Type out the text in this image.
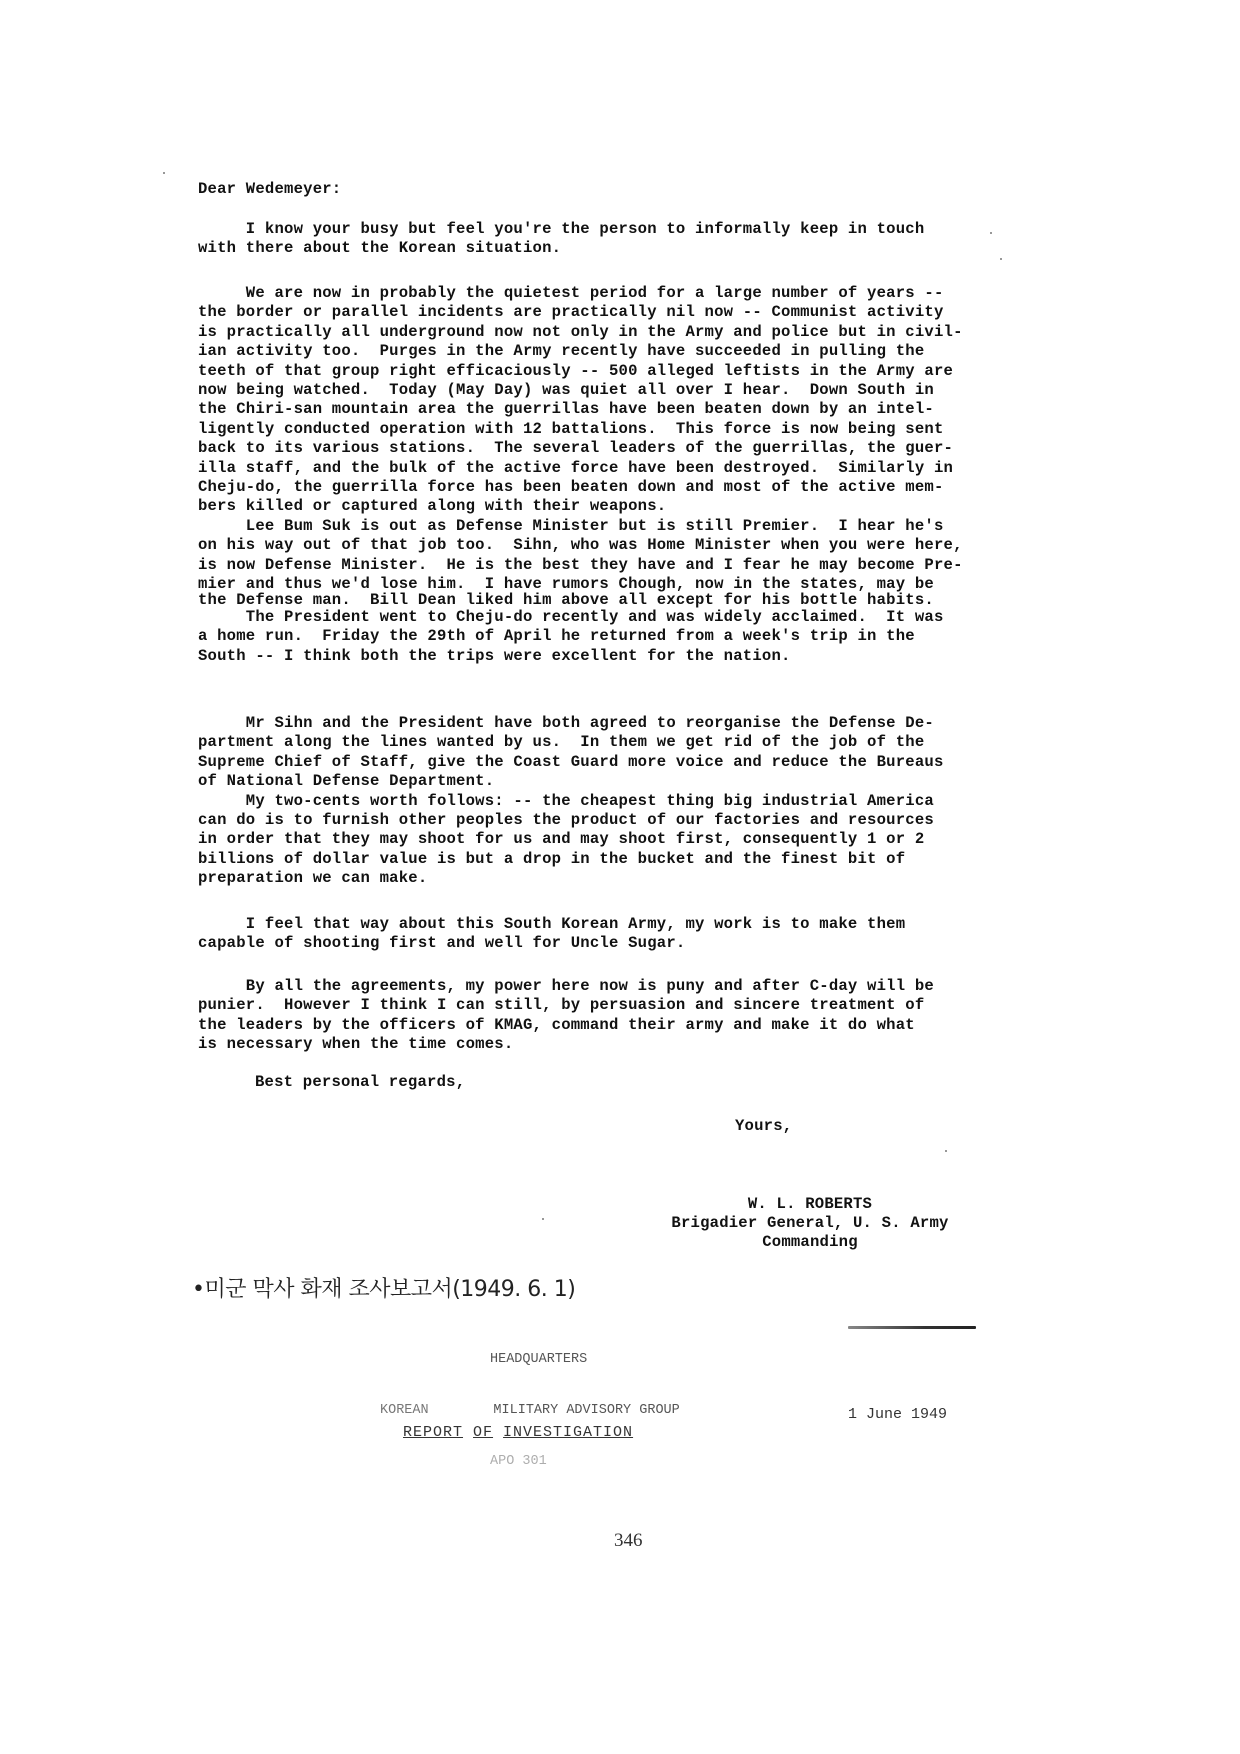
Dear Wedemeyer:

I know your busy but feel you're the person to informally keep in touch

with there about the Korean situation.

We are now in probably the quietest period for a large number of years --

the border or parallel incidents are practically nil now -- Communist activity

is practically all underground now not only in the Army and police but in civil-

ian activity too.  Purges in the Army recently have succeeded in pulling the

teeth of that group right efficaciously -- 500 alleged leftists in the Army are

now being watched.  Today (May Day) was quiet all over I hear.  Down South in

the Chiri-san mountain area the guerrillas have been beaten down by an intel-

ligently conducted operation with 12 battalions.  This force is now being sent

back to its various stations.  The several leaders of the guerrillas, the guer-

illa staff, and the bulk of the active force have been destroyed.  Similarly in

Cheju-do, the guerrilla force has been beaten down and most of the active mem-

bers killed or captured along with their weapons.

Lee Bum Suk is out as Defense Minister but is still Premier.  I hear he's

on his way out of that job too.  Sihn, who was Home Minister when you were here,

is now Defense Minister.  He is the best they have and I fear he may become Pre-

mier and thus we'd lose him.  I have rumors Chough, now in the states, may be

the Defense man.  Bill Dean liked him above all except for his bottle habits.

The President went to Cheju-do recently and was widely acclaimed.  It was

a home run.  Friday the 29th of April he returned from a week's trip in the

South -- I think both the trips were excellent for the nation.

Mr Sihn and the President have both agreed to reorganise the Defense De-

partment along the lines wanted by us.  In them we get rid of the job of the

Supreme Chief of Staff, give the Coast Guard more voice and reduce the Bureaus

of National Defense Department.

My two-cents worth follows: -- the cheapest thing big industrial America

can do is to furnish other peoples the product of our factories and resources

in order that they may shoot for us and may shoot first, consequently 1 or 2

billions of dollar value is but a drop in the bucket and the finest bit of

preparation we can make.

I feel that way about this South Korean Army, my work is to make them

capable of shooting first and well for Uncle Sugar.

By all the agreements, my power here now is puny and after C-day will be

punier.  However I think I can still, by persuasion and sincere treatment of

the leaders by the officers of KMAG, command their army and make it do what

is necessary when the time comes.

Best personal regards,
Yours,
W. L. ROBERTS
Brigadier General, U. S. Army
Commanding
•미군 막사 화재 조사보고서(1949. 6. 1)

HEADQUARTERS

KOREAN	MILITARY ADVISORY GROUP

APO 301

1 June 1949
REPORT OF INVESTIGATION
346
